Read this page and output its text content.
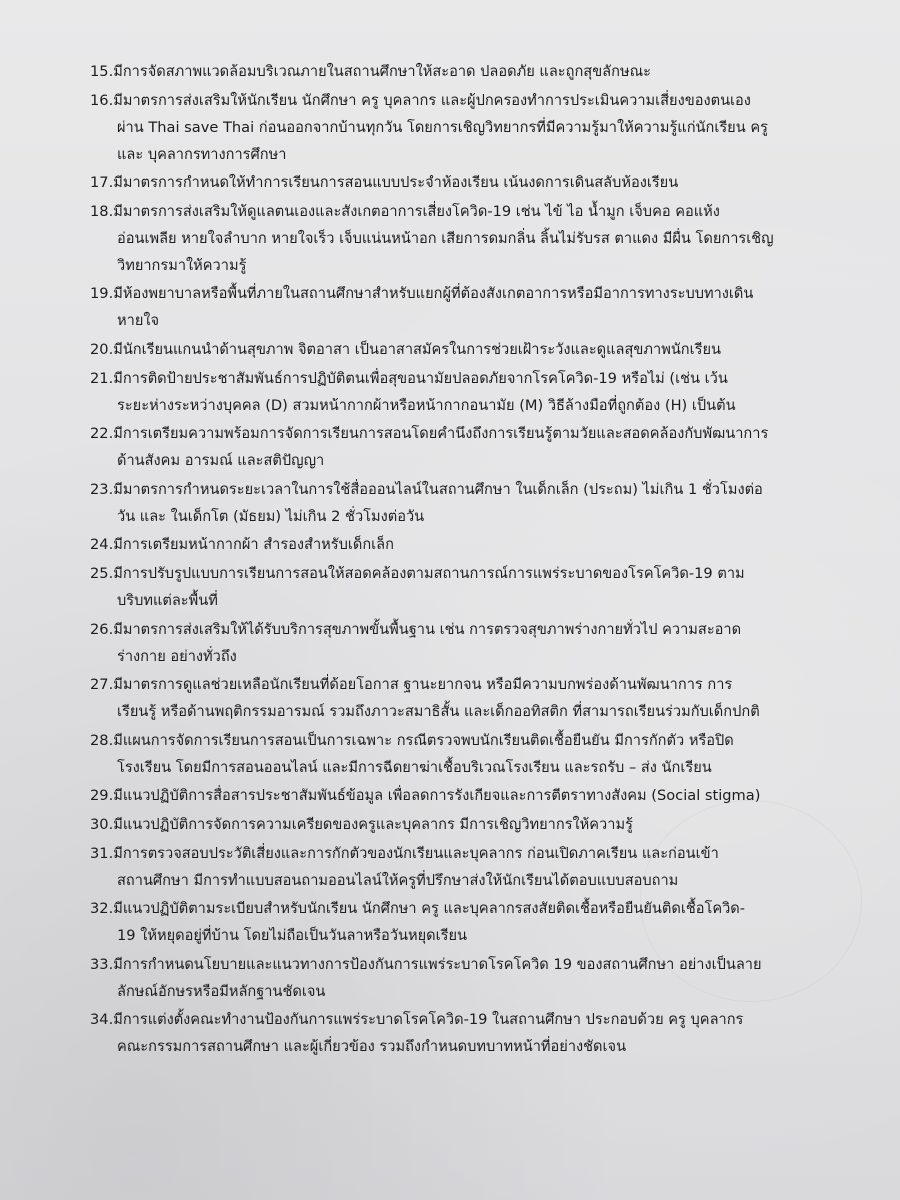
15.มีการจัดสภาพแวดล้อมบริเวณภายในสถานศึกษาให้สะอาด ปลอดภัย และถูกสุขลักษณะ
16.มีมาตรการส่งเสริมให้นักเรียน นักศึกษา ครู บุคลากร และผู้ปกครองทำการประเมินความเสี่ยงของตนเอง
ผ่าน Thai save Thai ก่อนออกจากบ้านทุกวัน โดยการเชิญวิทยากรที่มีความรู้มาให้ความรู้แก่นักเรียน ครู
และ บุคลากรทางการศึกษา
17.มีมาตรการกำหนดให้ทำการเรียนการสอนแบบประจำห้องเรียน เน้นงดการเดินสลับห้องเรียน
18.มีมาตรการส่งเสริมให้ดูแลตนเองและสังเกตอาการเสี่ยงโควิด-19 เช่น ไข้ ไอ น้ำมูก เจ็บคอ คอแห้ง
อ่อนเพลีย หายใจลำบาก หายใจเร็ว เจ็บแน่นหน้าอก เสียการดมกลิ่น ลิ้นไม่รับรส ตาแดง มีผื่น โดยการเชิญ
วิทยากรมาให้ความรู้
19.มีห้องพยาบาลหรือพื้นที่ภายในสถานศึกษาสำหรับแยกผู้ที่ต้องสังเกตอาการหรือมีอาการทางระบบทางเดิน
หายใจ
20.มีนักเรียนแกนนำด้านสุขภาพ จิตอาสา เป็นอาสาสมัครในการช่วยเฝ้าระวังและดูแลสุขภาพนักเรียน
21.มีการติดป้ายประชาสัมพันธ์การปฏิบัติตนเพื่อสุขอนามัยปลอดภัยจากโรคโควิด-19 หรือไม่ (เช่น เว้น
ระยะห่างระหว่างบุคคล (D) สวมหน้ากากผ้าหรือหน้ากากอนามัย (M) วิธีล้างมือที่ถูกต้อง (H) เป็นต้น
22.มีการเตรียมความพร้อมการจัดการเรียนการสอนโดยคำนึงถึงการเรียนรู้ตามวัยและสอดคล้องกับพัฒนาการ
ด้านสังคม อารมณ์ และสติปัญญา
23.มีมาตรการกำหนดระยะเวลาในการใช้สื่อออนไลน์ในสถานศึกษา ในเด็กเล็ก (ประถม) ไม่เกิน 1 ชั่วโมงต่อ
วัน และ ในเด็กโต (มัธยม) ไม่เกิน 2 ชั่วโมงต่อวัน
24.มีการเตรียมหน้ากากผ้า สำรองสำหรับเด็กเล็ก
25.มีการปรับรูปแบบการเรียนการสอนให้สอดคล้องตามสถานการณ์การแพร่ระบาดของโรคโควิด-19 ตาม
บริบทแต่ละพื้นที่
26.มีมาตรการส่งเสริมให้ได้รับบริการสุขภาพขั้นพื้นฐาน เช่น การตรวจสุขภาพร่างกายทั่วไป ความสะอาด
ร่างกาย อย่างทั่วถึง
27.มีมาตรการดูแลช่วยเหลือนักเรียนที่ด้อยโอกาส ฐานะยากจน หรือมีความบกพร่องด้านพัฒนาการ การ
เรียนรู้ หรือด้านพฤติกรรมอารมณ์ รวมถึงภาวะสมาธิสั้น และเด็กออทิสติก ที่สามารถเรียนร่วมกับเด็กปกติ
28.มีแผนการจัดการเรียนการสอนเป็นการเฉพาะ กรณีตรวจพบนักเรียนติดเชื้อยืนยัน มีการกักตัว หรือปิด
โรงเรียน โดยมีการสอนออนไลน์ และมีการฉีดยาฆ่าเชื้อบริเวณโรงเรียน และรถรับ – ส่ง นักเรียน
29.มีแนวปฏิบัติการสื่อสารประชาสัมพันธ์ข้อมูล เพื่อลดการรังเกียจและการตีตราทางสังคม (Social stigma)
30.มีแนวปฏิบัติการจัดการความเครียดของครูและบุคลากร มีการเชิญวิทยากรให้ความรู้
31.มีการตรวจสอบประวัติเสี่ยงและการกักตัวของนักเรียนและบุคลากร ก่อนเปิดภาคเรียน และก่อนเข้า
สถานศึกษา มีการทำแบบสอนถามออนไลน์ให้ครูที่ปรึกษาส่งให้นักเรียนได้ตอบแบบสอบถาม
32.มีแนวปฏิบัติตามระเบียบสำหรับนักเรียน นักศึกษา ครู และบุคลากรสงสัยติดเชื้อหรือยืนยันติดเชื้อโควิด-
19 ให้หยุดอยู่ที่บ้าน โดยไม่ถือเป็นวันลาหรือวันหยุดเรียน
33.มีการกำหนดนโยบายและแนวทางการป้องกันการแพร่ระบาดโรคโควิด 19 ของสถานศึกษา อย่างเป็นลาย
ลักษณ์อักษรหรือมีหลักฐานชัดเจน
34.มีการแต่งตั้งคณะทำงานป้องกันการแพร่ระบาดโรคโควิด-19 ในสถานศึกษา ประกอบด้วย ครู บุคลากร
คณะกรรมการสถานศึกษา และผู้เกี่ยวข้อง รวมถึงกำหนดบทบาทหน้าที่อย่างชัดเจน
